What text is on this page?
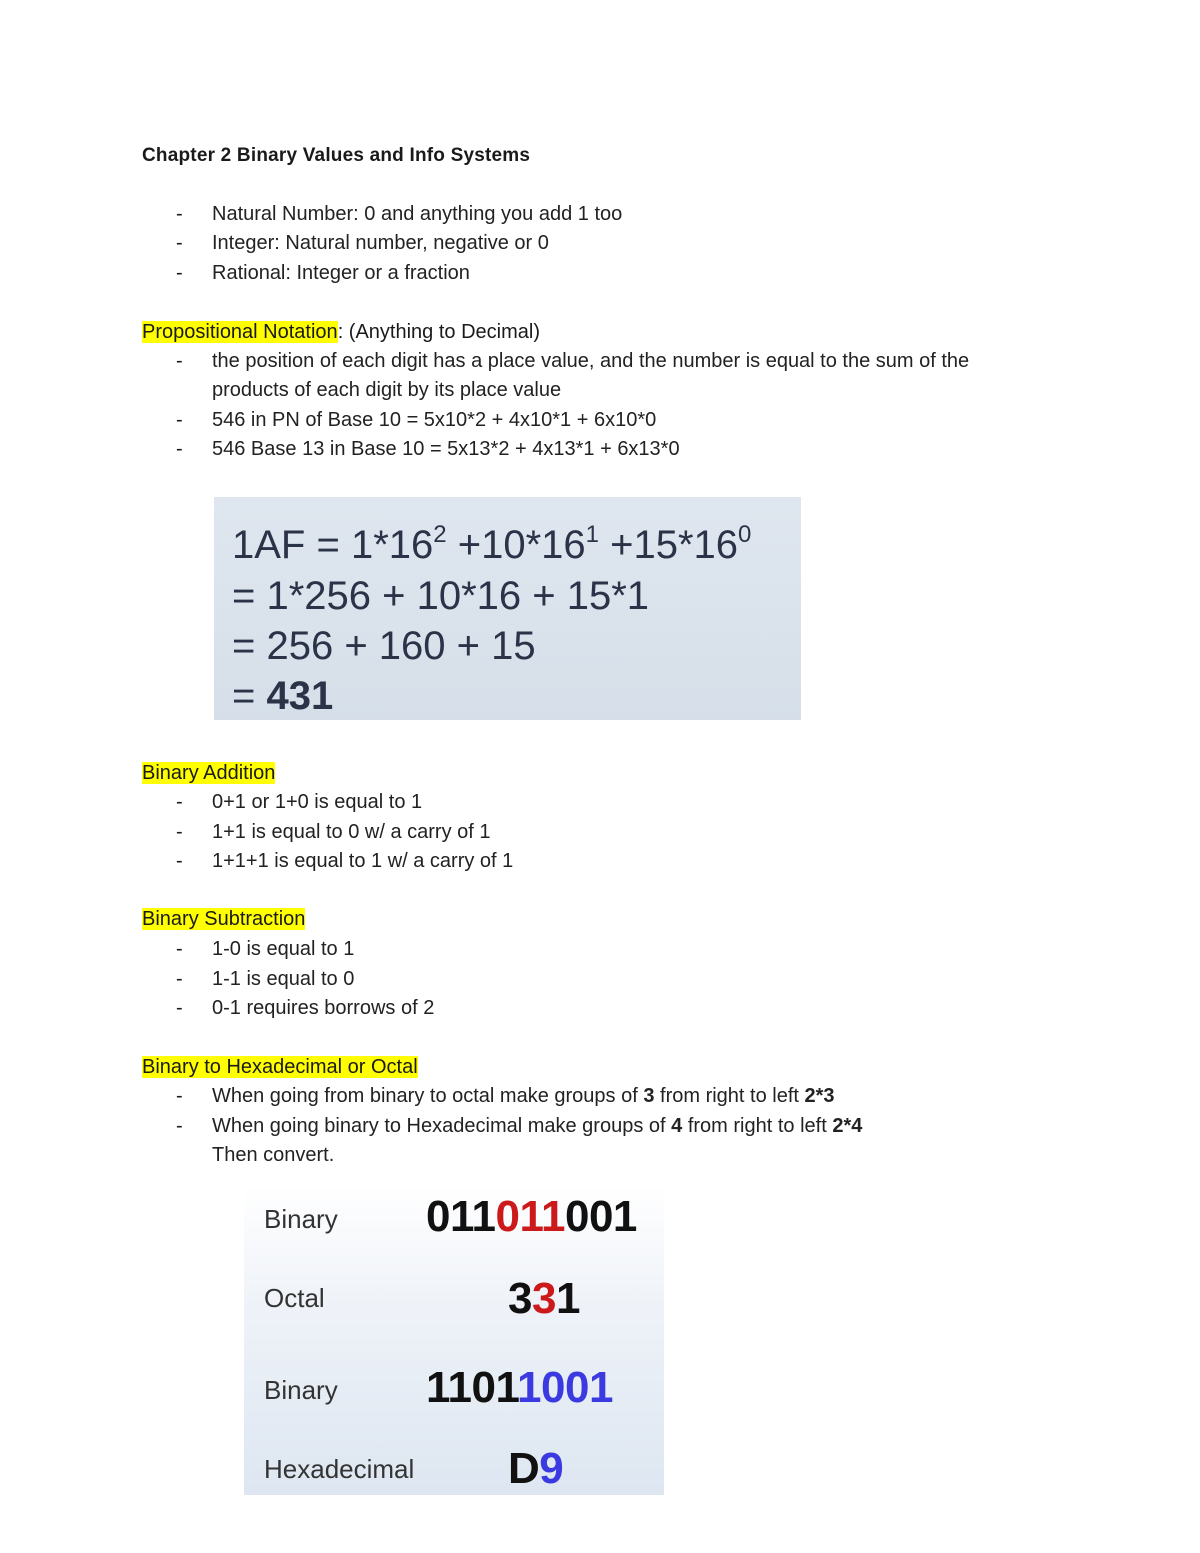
Chapter 2 Binary Values and Info Systems
- Natural Number: 0 and anything you add 1 too
- Integer: Natural number, negative or 0
- Rational: Integer or a fraction
Propositional Notation: (Anything to Decimal)
- the position of each digit has a place value, and the number is equal to the sum of the
products of each digit by its place value
- 546 in PN of Base 10 = 5x10*2 + 4x10*1 + 6x10*0
- 546 Base 13 in Base 10 = 5x13*2 + 4x13*1 + 6x13*0
$1AF = 1*16^2 +10*16^1 +15*16^0$
= 1*256 + 10*16 + 15*1
= 256 + 160 + 15
= 431
Binary Addition
- 0+1 or 1+0 is equal to 1
- 1+1 is equal to 0 w/ a carry of 1
- 1+1+1 is equal to 1 w/ a carry of 1
Binary Subtraction
- 1-0 is equal to 1
- 1-1 is equal to 0
- 0-1 requires borrows of 2
Binary to Hexadecimal or Octal
- When going from binary to octal make groups of 3 from right to left 2*3
- When going binary to Hexadecimal make groups of 4 from right to left 2*4
Then convert.
Binary 011011001
Octal	331
Binary 11011001
Hexadecimal D9
